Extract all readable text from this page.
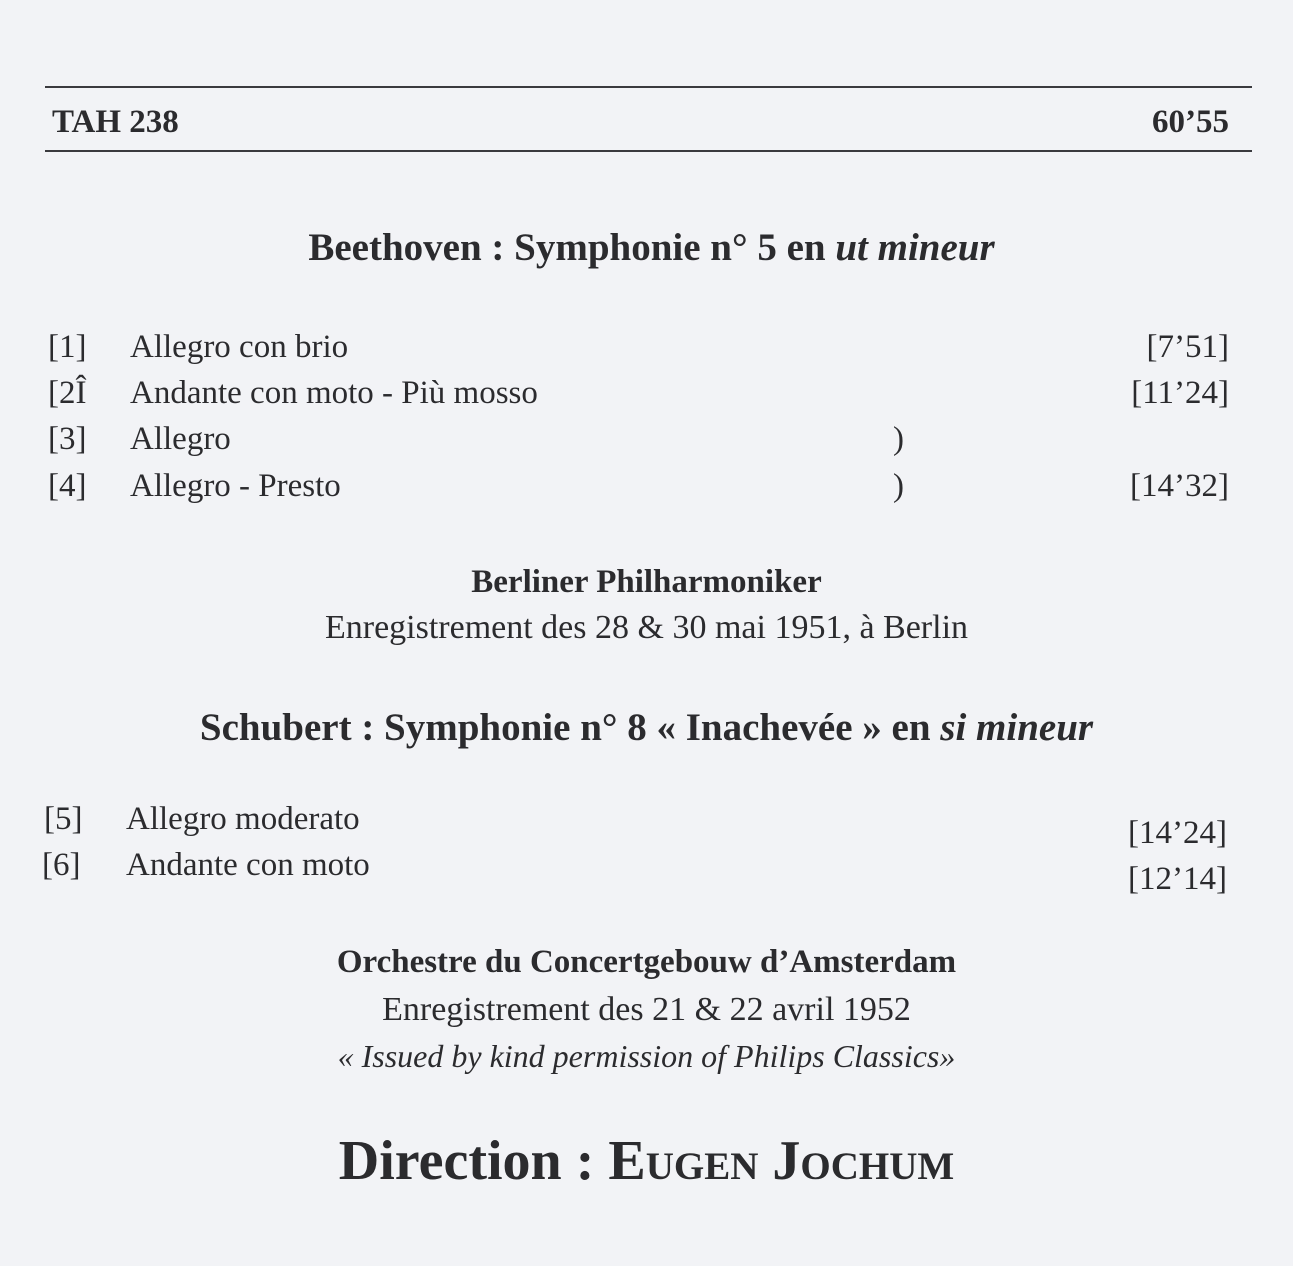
TAH 238	60’55
Beethoven : Symphonie n° 5 en ut mineur
[1] Allegro con brio	[7’51]
[2Î Andante con moto - Più mosso	[11’24]
[3] Allegro	)
[4] Allegro - Presto	)	[14’32]
Berliner Philharmoniker
Enregistrement des 28 & 30 mai 1951, à Berlin
Schubert : Symphonie n° 8 « Inachevée » en si mineur
[5] Allegro moderato	[14’24]
[6] Andante con moto	[12’14]
Orchestre du Concertgebouw d’Amsterdam
Enregistrement des 21 & 22 avril 1952
« Issued by kind permission of Philips Classics»
Direction : Eugen Jochum
